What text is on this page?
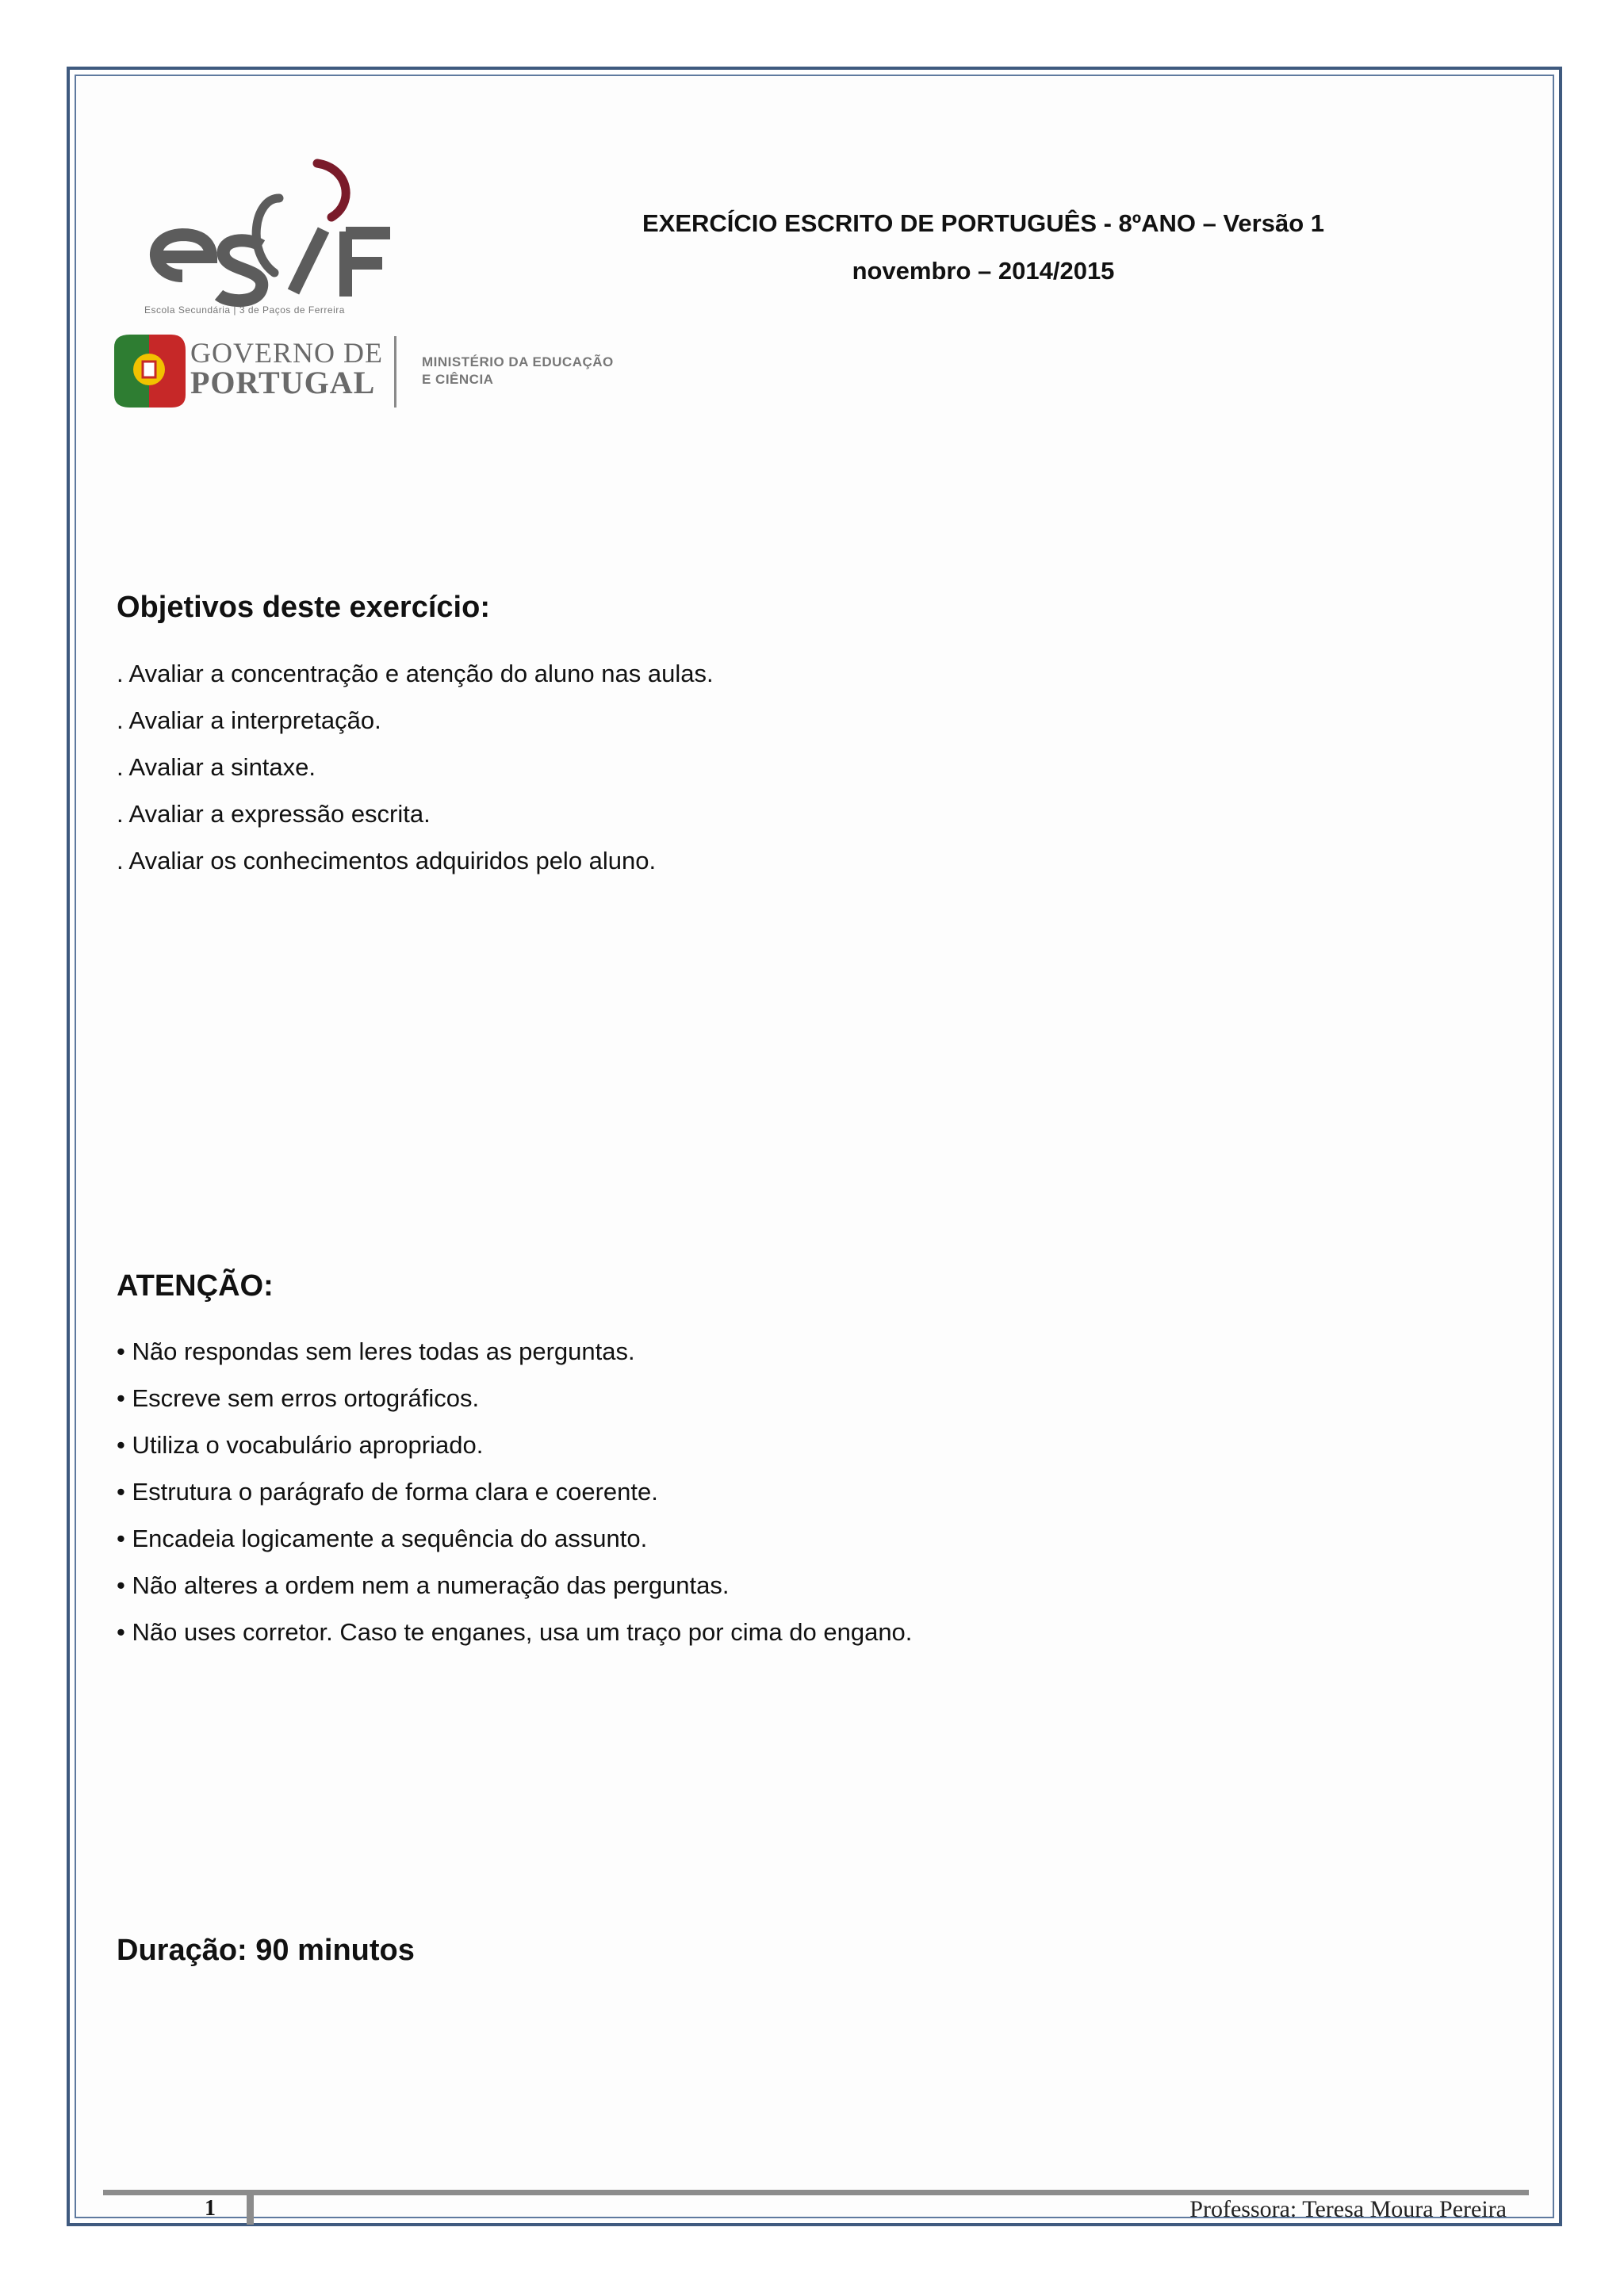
Escola Secundária | 3 de Paços de Ferreira
GOVERNO DE
PORTUGAL
MINISTÉRIO DA EDUCAÇÃO
E CIÊNCIA
EXERCÍCIO ESCRITO DE PORTUGUÊS - 8ºANO – Versão 1
novembro – 2014/2015
Objetivos deste exercício:
. Avaliar a concentração e atenção do aluno nas aulas.
. Avaliar a interpretação.
. Avaliar a sintaxe.
. Avaliar a expressão escrita.
. Avaliar os conhecimentos adquiridos pelo aluno.
ATENÇÃO:
• Não respondas sem leres todas as perguntas.
• Escreve sem erros ortográficos.
• Utiliza o vocabulário apropriado.
• Estrutura o parágrafo de forma clara e coerente.
• Encadeia logicamente a sequência do assunto.
• Não alteres a ordem nem a numeração das perguntas.
• Não uses corretor. Caso te enganes, usa um traço por cima do engano.
Duração: 90 minutos
1	Professora: Teresa Moura Pereira
